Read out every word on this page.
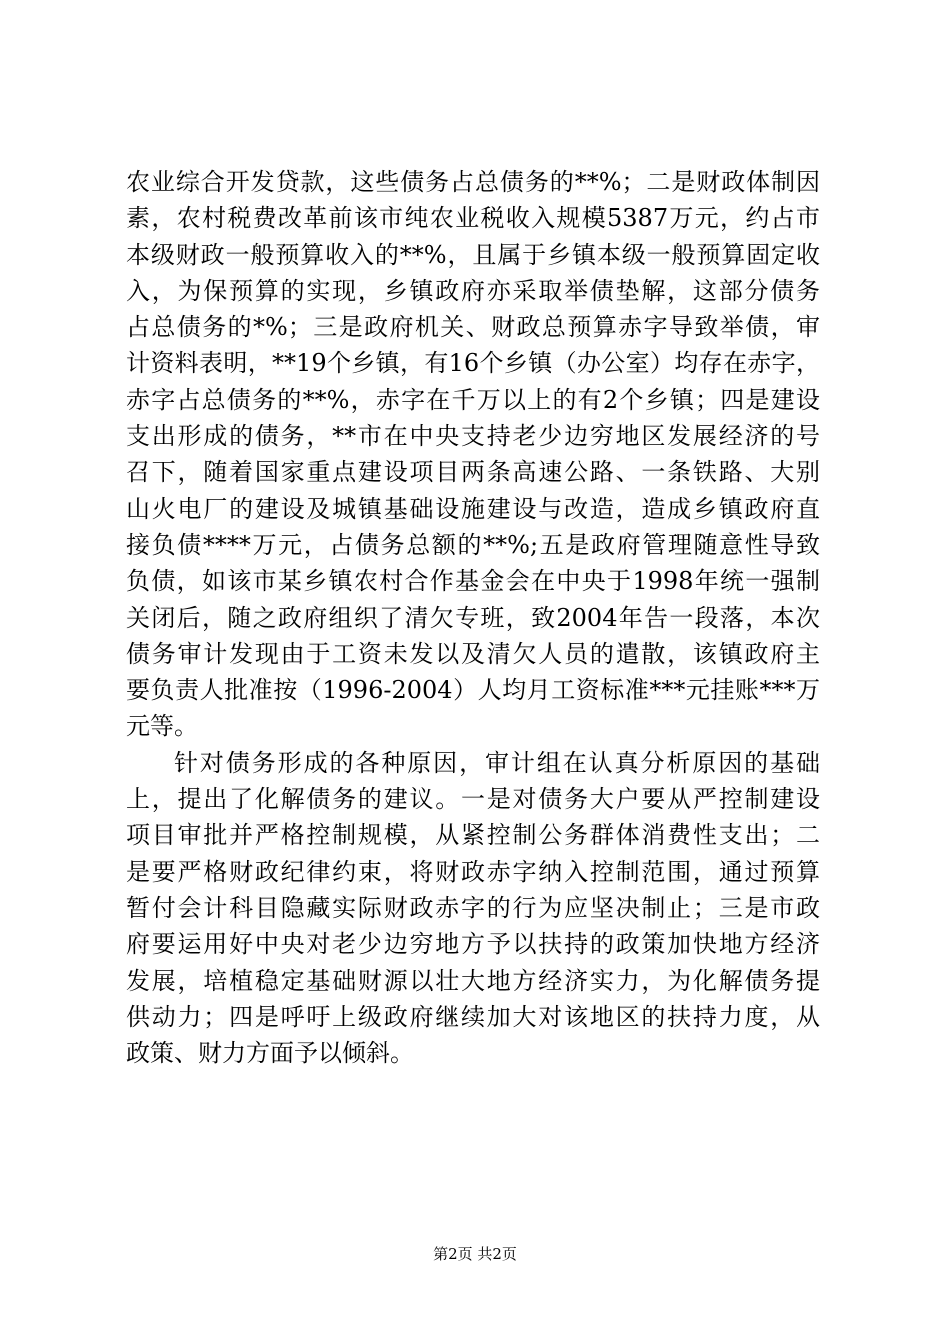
农业综合开发贷款，这些债务占总债务的**%；二是财政体制因
素，农村税费改革前该市纯农业税收入规模5387万元，约占市
本级财政一般预算收入的**%，且属于乡镇本级一般预算固定收
入，为保预算的实现，乡镇政府亦采取举债垫解，这部分债务
占总债务的*%；三是政府机关、财政总预算赤字导致举债，审
计资料表明，**19个乡镇，有16个乡镇（办公室）均存在赤字，
赤字占总债务的**%，赤字在千万以上的有2个乡镇；四是建设
支出形成的债务，**市在中央支持老少边穷地区发展经济的号
召下，随着国家重点建设项目两条高速公路、一条铁路、大别
山火电厂的建设及城镇基础设施建设与改造，造成乡镇政府直
接负债****万元，占债务总额的**%;五是政府管理随意性导致
负债，如该市某乡镇农村合作基金会在中央于1998年统一强制
关闭后，随之政府组织了清欠专班，致2004年告一段落，本次
债务审计发现由于工资未发以及清欠人员的遣散，该镇政府主
要负责人批准按（1996-2004）人均月工资标准***元挂账***万
元等。
针对债务形成的各种原因，审计组在认真分析原因的基础
上，提出了化解债务的建议。一是对债务大户要从严控制建设
项目审批并严格控制规模，从紧控制公务群体消费性支出；二
是要严格财政纪律约束，将财政赤字纳入控制范围，通过预算
暂付会计科目隐藏实际财政赤字的行为应坚决制止；三是市政
府要运用好中央对老少边穷地方予以扶持的政策加快地方经济
发展，培植稳定基础财源以壮大地方经济实力，为化解债务提
供动力；四是呼吁上级政府继续加大对该地区的扶持力度，从
政策、财力方面予以倾斜。
第2页 共2页
